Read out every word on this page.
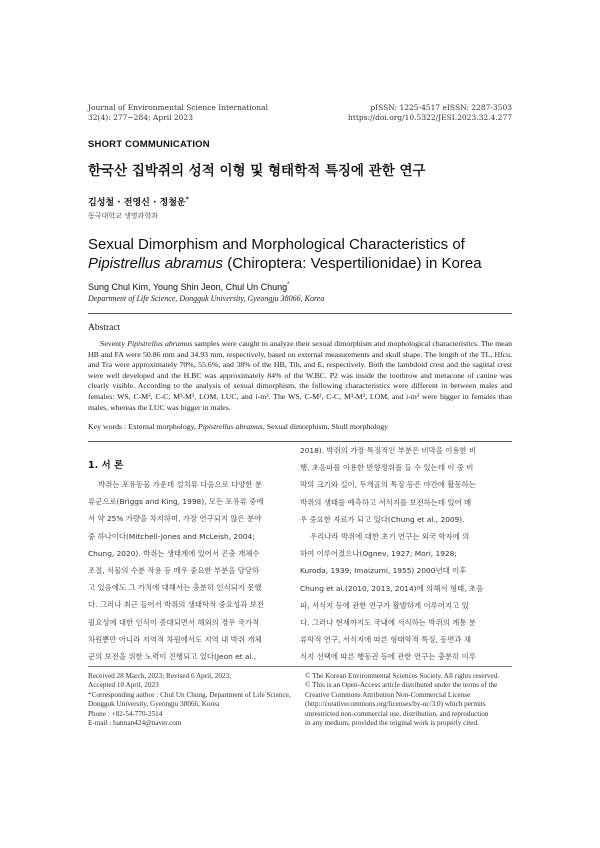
Journal of Environmental Science International
32(4): 277~284; April 2023
pISSN: 1225-4517 eISSN: 2287-3503
https://doi.org/10.5322/JESI.2023.32.4.277
SHORT COMMUNICATION
한국산 집박쥐의 성적 이형 및 형태학적 특징에 관한 연구
김성철 · 전영신 · 정철운*
동국대학교 생명과학과
Sexual Dimorphism and Morphological Characteristics of Pipistrellus abramus (Chiroptera: Vespertilionidae) in Korea
Sung Chul Kim, Young Shin Jeon, Chul Un Chung*
Department of Life Science, Dongguk University, Gyeongju 38066, Korea
Abstract
Seventy Pipistrellus abramus samples were caught to analyze their sexual dimorphism and mophological characteristics. The mean HB and FA were 50.86 mm and 34.93 mm, respectively, based on external measurements and skull shape. The length of the TL, Hfcu, and Tra were approximately 70%, 55.6%, and 38% of the HB, Tib, and E, respectively. Both the lambdoid crest and the sagittal crest were well developed and the H.BC was approximately 84% of the W.BC. P2 was inside the toothrow and metacone of canine was clearly visible. According to the analysis of sexual dimorphism, the following characteristics were different in between males and females: WS, C-M³, C-C, M³-M³, LOM, LUC, and i-m³. The WS, C-M³, C-C, M³-M³, LOM, and i-m³ were bigger in females than males, whereas the LUC was bigger in males.
Key words : External morphology, Pipistrellus abramus, Sexual dimorphism, Skull morphology
1. 서 론
박쥐는 포유동물 가운데 설치류 다음으로 다양한 분
류군으로(Briggs and King, 1998), 모든 포유류 중에
서 약 25% 가량을 차지하며, 가장 연구되지 않은 분야
중 하나이다(Mitchell-Jones and McLeish, 2004;
Chung, 2020). 박쥐는 생태계에 있어서 곤충 개체수
조절, 식물의 수분 작용 등 매우 중요한 부분을 담당하
고 있음에도 그 가치에 대해서는 충분히 인식되지 못했
다. 그러나 최근 들어서 박쥐의 생태학적 중요성과 보전
필요성에 대한 인식이 증대되면서 해외의 경우 국가적
차원뿐만 아니라 지역적 차원에서도 지역 내 박쥐 개체
군의 보전을 위한 노력이 진행되고 있다(Jeon et al.,
2018). 박쥐의 가장 특징적인 부분은 비막을 이용한 비
행, 초음파를 이용한 반향정위를 들 수 있는데 이 중 비
막의 크기와 길이, 두개골의 특징 등은 야간에 활동하는
박쥐의 생태를 예측하고 서식지를 보전하는데 있어 매
우 중요한 자료가 되고 있다(Chung et al., 2009).
우리나라 박쥐에 대한 초기 연구는 외국 학자에 의
하여 이루어졌으나(Ognev, 1927; Mori, 1928;
Kuroda, 1939; Imaizumi, 1955) 2000년대 이후
Chung et al.(2010, 2013, 2014)에 의해서 형태, 초음
파, 서식지 등에 관한 연구가 활발하게 이루어지고 있
다. 그러나 현재까지도 국내에 서식하는 박쥐의 계통 분
류학적 연구, 서식지에 따른 형태학적 특징, 동면과 채
식지 선택에 따른 행동권 등에 관한 연구는 충분히 이루
Received 28 March, 2023; Revised 6 April, 2023;
Accepted 10 April, 2023
*Corresponding author : Chul Un Chung, Department of Life Science,
Dongguk University, Gyeongju 38066, Korea
Phone : +82-54-770-2514
E-mail : batman424@naver.com
© The Korean Environmental Sciences Society. All rights reserved.
© This is an Open-Access article distributed under the terms of the
Creative Commons Attribution Non-Commercial License
(http://creativecommons.org/licenses/by-nc/3.0) which permits
unrestricted non-commercial use, distribution, and reproduction
in any medium, provided the original work is properly cited.
